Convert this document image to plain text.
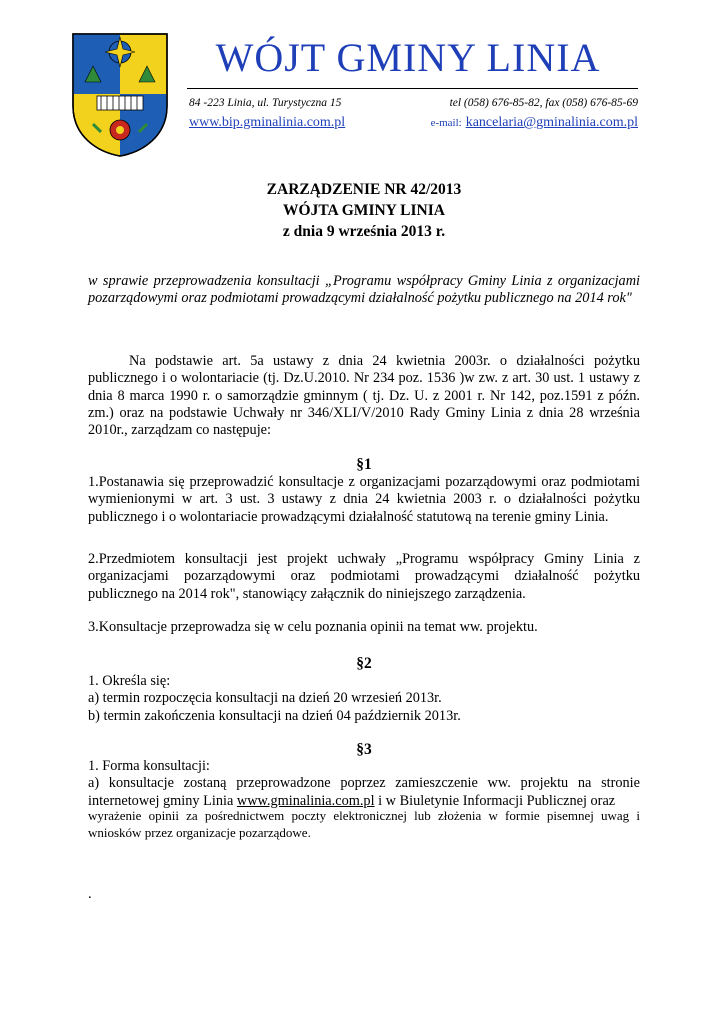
WÓJT GMINY LINIA
84 -223 Linia, ul. Turystyczna 15	tel (058) 676-85-82, fax (058) 676-85-69
www.bip.gminalinia.com.pl	e-mail: kancelaria@gminalinia.com.pl
ZARZĄDZENIE NR 42/2013
WÓJTA GMINY LINIA
z dnia 9 września 2013 r.
w sprawie przeprowadzenia konsultacji „Programu współpracy Gminy Linia z organizacjami pozarządowymi oraz podmiotami prowadzącymi działalność pożytku publicznego na 2014 rok"
Na podstawie art. 5a ustawy z dnia 24 kwietnia 2003r. o działalności pożytku publicznego i o wolontariacie (tj. Dz.U.2010. Nr 234 poz. 1536 )w zw. z art. 30 ust. 1 ustawy z dnia 8 marca 1990 r. o samorządzie gminnym ( tj. Dz. U. z 2001 r. Nr 142, poz.1591 z późn. zm.) oraz na podstawie Uchwały nr 346/XLI/V/2010 Rady Gminy Linia z dnia 28 września 2010r., zarządzam co następuje:
§1
1.Postanawia się przeprowadzić konsultacje z organizacjami pozarządowymi oraz podmiotami wymienionymi w art. 3 ust. 3 ustawy z dnia 24 kwietnia 2003 r. o działalności pożytku publicznego i o wolontariacie prowadzącymi działalność statutową na terenie gminy Linia.
2.Przedmiotem konsultacji jest projekt uchwały „Programu współpracy Gminy Linia z organizacjami pozarządowymi oraz podmiotami prowadzącymi działalność pożytku publicznego na 2014 rok", stanowiący załącznik do niniejszego zarządzenia.
3.Konsultacje przeprowadza się w celu poznania opinii na temat ww. projektu.
§2
1. Określa się:
a) termin rozpoczęcia konsultacji na dzień 20 wrzesień 2013r.
b) termin zakończenia konsultacji na dzień 04 październik 2013r.
§3
1. Forma konsultacji:
a) konsultacje zostaną przeprowadzone poprzez zamieszczenie ww. projektu na stronie internetowej gminy Linia www.gminalinia.com.pl i w Biuletynie Informacji Publicznej oraz
wyrażenie opinii za pośrednictwem poczty elektronicznej lub złożenia w formie pisemnej uwag i wniosków przez organizacje pozarządowe.
.
